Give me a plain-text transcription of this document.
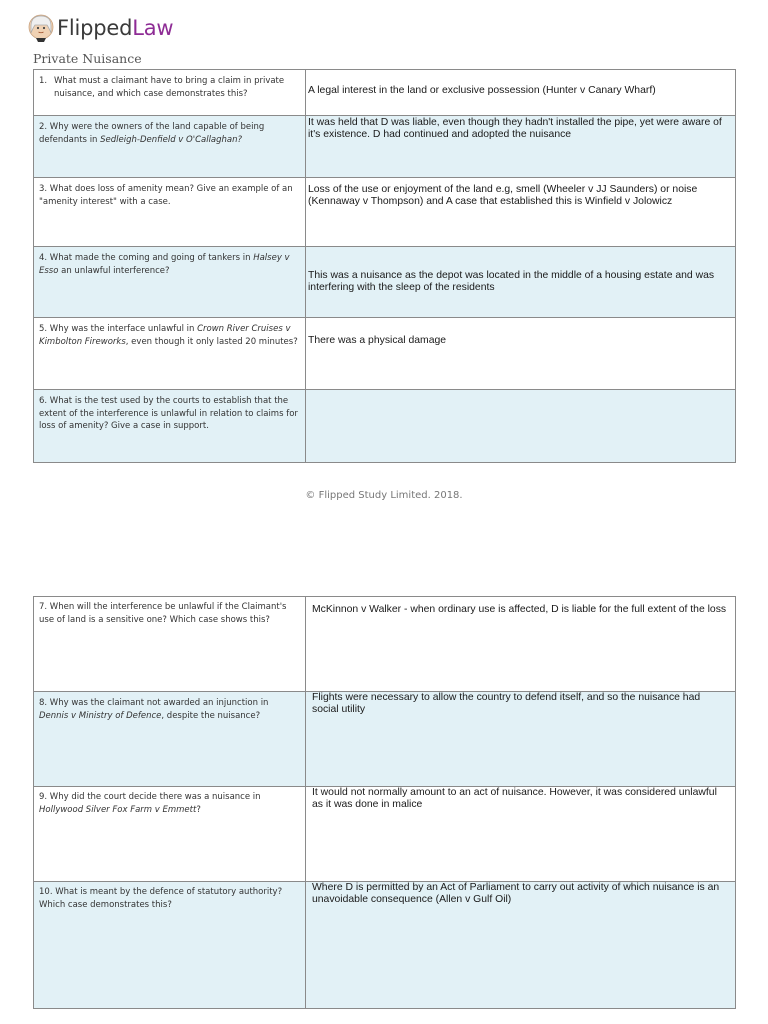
FlippedLaw
Private Nuisance
1. What must a claimant have to bring a claim in private nuisance, and which case demonstrates this?	A legal interest in the land or exclusive possession (Hunter v Canary Wharf)

2. Why were the owners of the land capable of being defendants in Sedleigh-Denfield v O'Callaghan?	It was held that D was liable, even though they hadn't installed the pipe, yet were aware of it's existence. D had continued and adopted the nuisance

3. What does loss of amenity mean? Give an example of an "amenity interest" with a case.	Loss of the use or enjoyment of the land e.g, smell (Wheeler v JJ Saunders) or noise (Kennaway v Thompson) and A case that established this is Winfield v Jolowicz

4. What made the coming and going of tankers in Halsey v Esso an unlawful interference?	This was a nuisance as the depot was located in the middle of a housing estate and was interfering with the sleep of the residents

5. Why was the interface unlawful in Crown River Cruises v Kimbolton Fireworks, even though it only lasted 20 minutes?	There was a physical damage

6. What is the test used by the courts to establish that the extent of the interference is unlawful in relation to claims for loss of amenity? Give a case in support.	

© Flipped Study Limited. 2018.
7. When will the interference be unlawful if the Claimant's use of land is a sensitive one? Which case shows this?	McKinnon v Walker - when ordinary use is affected, D is liable for the full extent of the loss

8. Why was the claimant not awarded an injunction in Dennis v Ministry of Defence, despite the nuisance?	Flights were necessary to allow the country to defend itself, and so the nuisance had social utility

9. Why did the court decide there was a nuisance in Hollywood Silver Fox Farm v Emmett?	It would not normally amount to an act of nuisance. However, it was considered unlawful as it was done in malice

10. What is meant by the defence of statutory authority? Which case demonstrates this?	Where D is permitted by an Act of Parliament to carry out activity of which nuisance is an unavoidable consequence (Allen v Gulf Oil)
